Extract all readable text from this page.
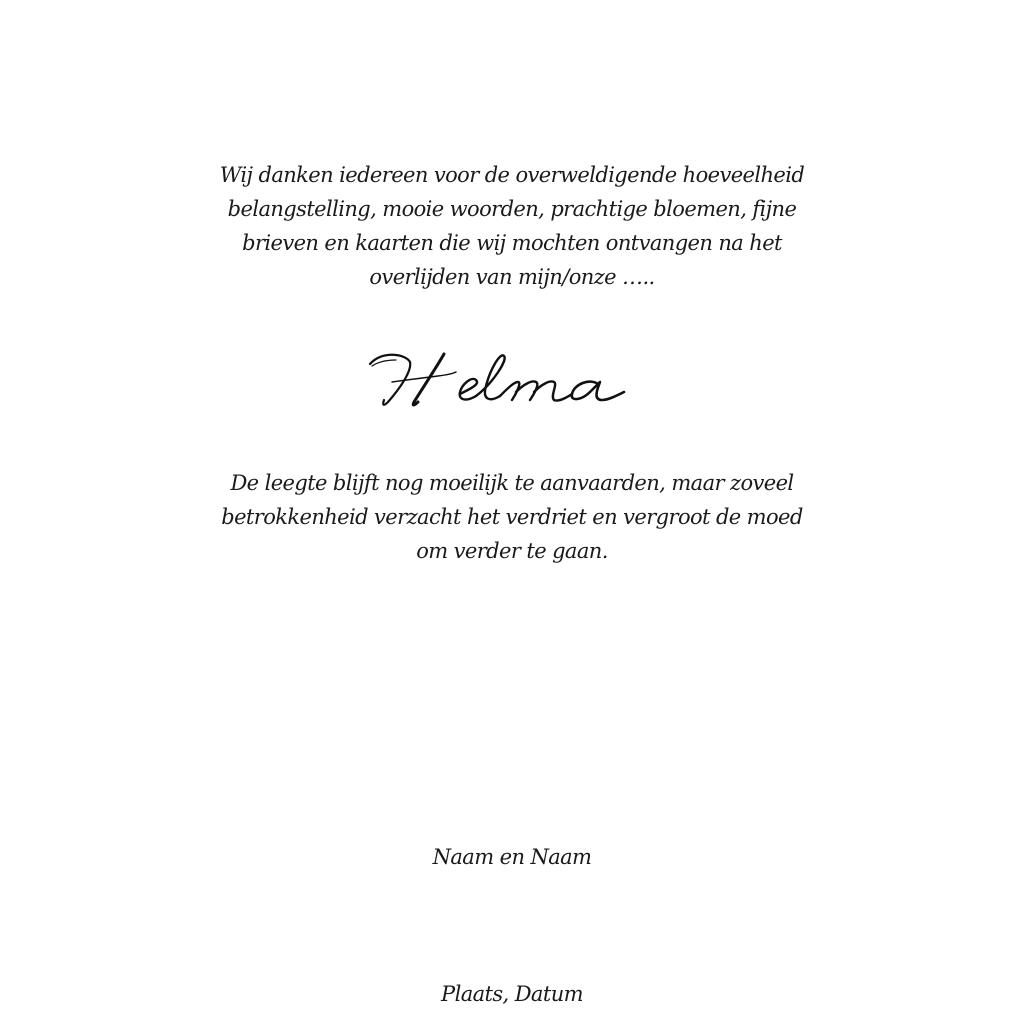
Wij danken iedereen voor de overweldigende hoeveelheid belangstelling, mooie woorden, prachtige bloemen, fijne brieven en kaarten die wij mochten ontvangen na het overlijden van mijn/onze …..

De leegte blijft nog moeilijk te aanvaarden, maar zoveel betrokkenheid verzacht het verdriet en vergroot de moed om verder te gaan.

Naam en Naam

Plaats, Datum
